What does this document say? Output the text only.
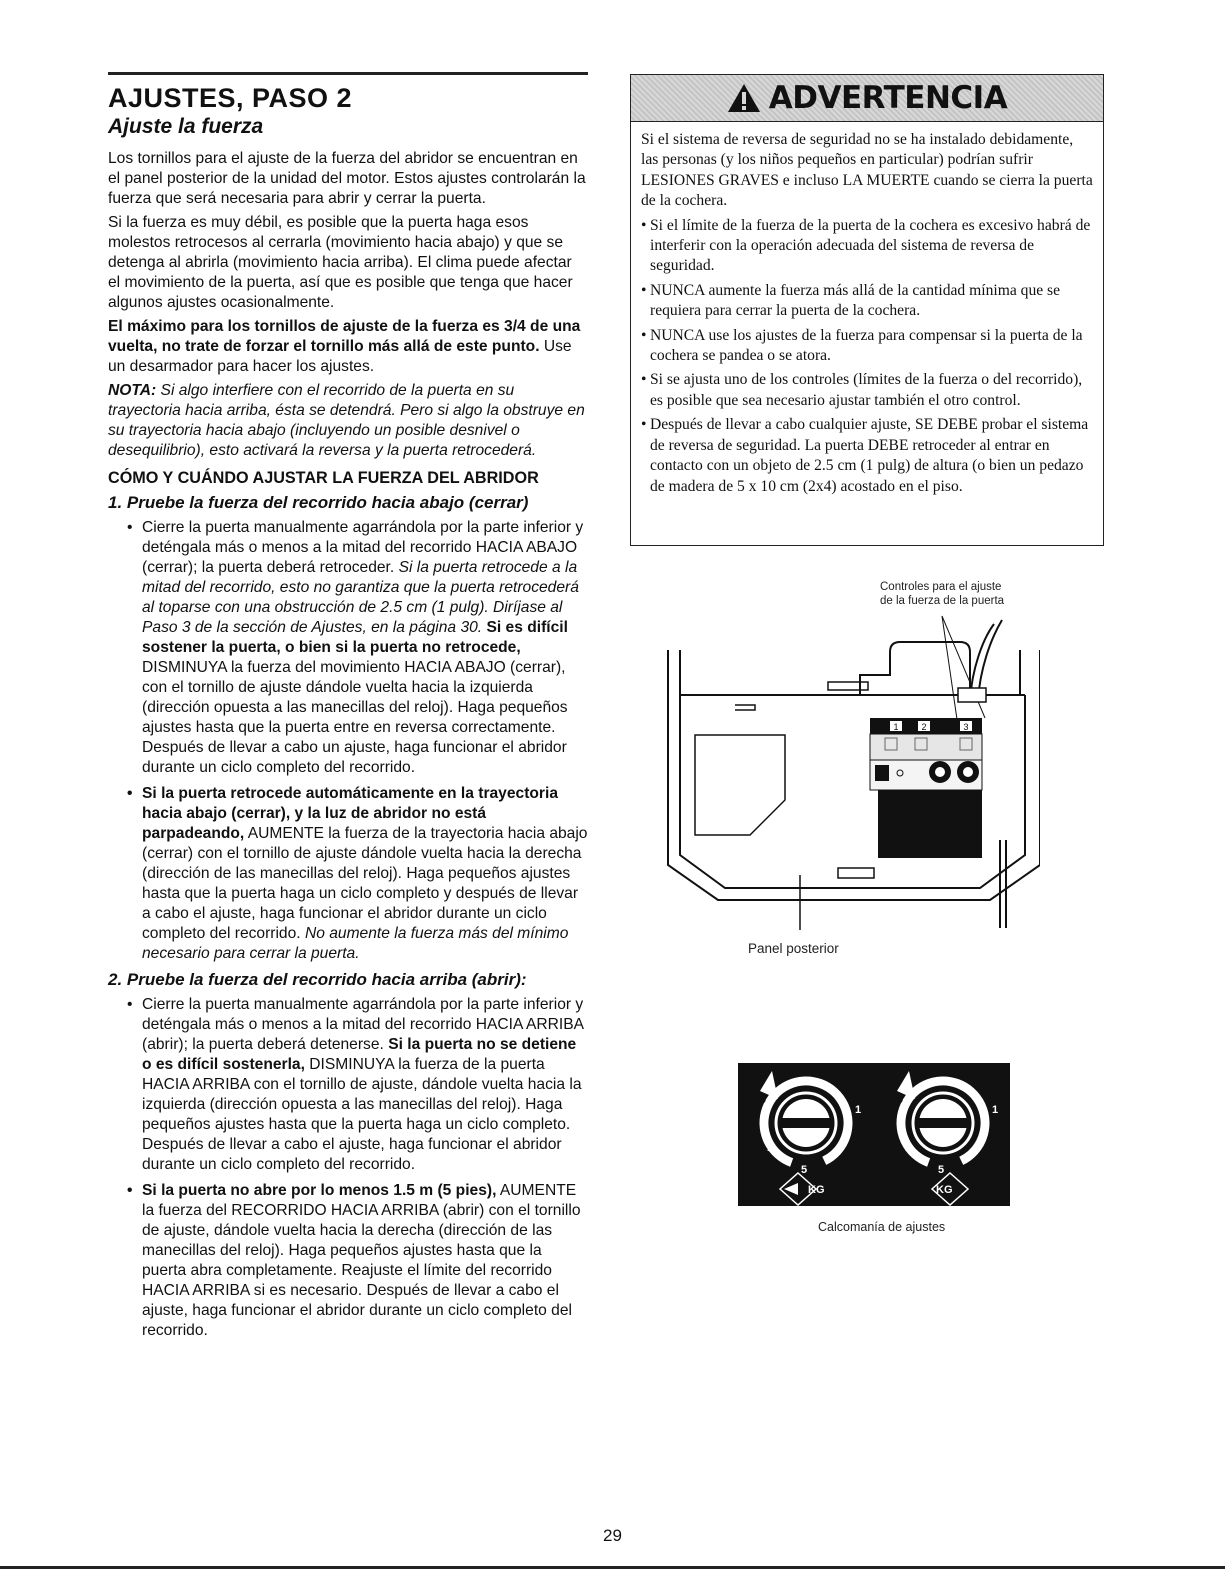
AJUSTES, PASO 2
Ajuste la fuerza

Los tornillos para el ajuste de la fuerza del abridor se encuentran en el panel posterior de la unidad del motor. Estos ajustes controlarán la fuerza que será necesaria para abrir y cerrar la puerta.

Si la fuerza es muy débil, es posible que la puerta haga esos molestos retrocesos al cerrarla (movimiento hacia abajo) y que se detenga al abrirla (movimiento hacia arriba). El clima puede afectar el movimiento de la puerta, así que es posible que tenga que hacer algunos ajustes ocasionalmente.

El máximo para los tornillos de ajuste de la fuerza es 3/4 de una vuelta, no trate de forzar el tornillo más allá de este punto. Use un desarmador para hacer los ajustes.

NOTA: Si algo interfiere con el recorrido de la puerta en su trayectoria hacia arriba, ésta se detendrá. Pero si algo la obstruye en su trayectoria hacia abajo (incluyendo un posible desnivel o desequilibrio), esto activará la reversa y la puerta retrocederá.

CÓMO Y CUÁNDO AJUSTAR LA FUERZA DEL ABRIDOR
1. Pruebe la fuerza del recorrido hacia abajo (cerrar)
• Cierre la puerta manualmente agarrándola por la parte inferior y deténgala más o menos a la mitad del recorrido HACIA ABAJO (cerrar); la puerta deberá retroceder. Si la puerta retrocede a la mitad del recorrido, esto no garantiza que la puerta retrocederá al toparse con una obstrucción de 2.5 cm (1 pulg). Diríjase al Paso 3 de la sección de Ajustes, en la página 30. Si es difícil sostener la puerta, o bien si la puerta no retrocede, DISMINUYA la fuerza del movimiento HACIA ABAJO (cerrar), con el tornillo de ajuste dándole vuelta hacia la izquierda (dirección opuesta a las manecillas del reloj). Haga pequeños ajustes hasta que la puerta entre en reversa correctamente. Después de llevar a cabo un ajuste, haga funcionar el abridor durante un ciclo completo del recorrido.
• Si la puerta retrocede automáticamente en la trayectoria hacia abajo (cerrar), y la luz de abridor no está parpadeando, AUMENTE la fuerza de la trayectoria hacia abajo (cerrar) con el tornillo de ajuste dándole vuelta hacia la derecha (dirección de las manecillas del reloj). Haga pequeños ajustes hasta que la puerta haga un ciclo completo y después de llevar a cabo el ajuste, haga funcionar el abridor durante un ciclo completo del recorrido. No aumente la fuerza más del mínimo necesario para cerrar la puerta.
2. Pruebe la fuerza del recorrido hacia arriba (abrir):
• Cierre la puerta manualmente agarrándola por la parte inferior y deténgala más o menos a la mitad del recorrido HACIA ARRIBA (abrir); la puerta deberá detenerse. Si la puerta no se detiene o es difícil sostenerla, DISMINUYA la fuerza de la puerta HACIA ARRIBA con el tornillo de ajuste, dándole vuelta hacia la izquierda (dirección opuesta a las manecillas del reloj). Haga pequeños ajustes hasta que la puerta haga un ciclo completo. Después de llevar a cabo el ajuste, haga funcionar el abridor durante un ciclo completo del recorrido.
• Si la puerta no abre por lo menos 1.5 m (5 pies), AUMENTE la fuerza del RECORRIDO HACIA ARRIBA (abrir) con el tornillo de ajuste, dándole vuelta hacia la derecha (dirección de las manecillas del reloj). Haga pequeños ajustes hasta que la puerta abra completamente. Reajuste el límite del recorrido HACIA ARRIBA si es necesario. Después de llevar a cabo el ajuste, haga funcionar el abridor durante un ciclo completo del recorrido.
ADVERTENCIA

Si el sistema de reversa de seguridad no se ha instalado debidamente, las personas (y los niños pequeños en particular) podrían sufrir LESIONES GRAVES e incluso LA MUERTE cuando se cierra la puerta de la cochera.

• Si el límite de la fuerza de la puerta de la cochera es excesivo habrá de interferir con la operación adecuada del sistema de reversa de seguridad.

• NUNCA aumente la fuerza más allá de la cantidad mínima que se requiera para cerrar la puerta de la cochera.

• NUNCA use los ajustes de la fuerza para compensar si la puerta de la cochera se pandea o se atora.

• Si se ajusta uno de los controles (límites de la fuerza o del recorrido), es posible que sea necesario ajustar también el otro control.

• Después de llevar a cabo cualquier ajuste, SE DEBE probar el sistema de reversa de seguridad. La puerta DEBE retroceder al entrar en contacto con un objeto de 2.5 cm (1 pulg) de altura (o bien un pedazo de madera de 5 x 10 cm (2x4) acostado en el piso.

Controles para el ajuste
de la fuerza de la puerta
Panel posterior
1	2	3
9
1
7	3
5
KG
9
1
7	3
5
KG
Calcomanía de ajustes
29
